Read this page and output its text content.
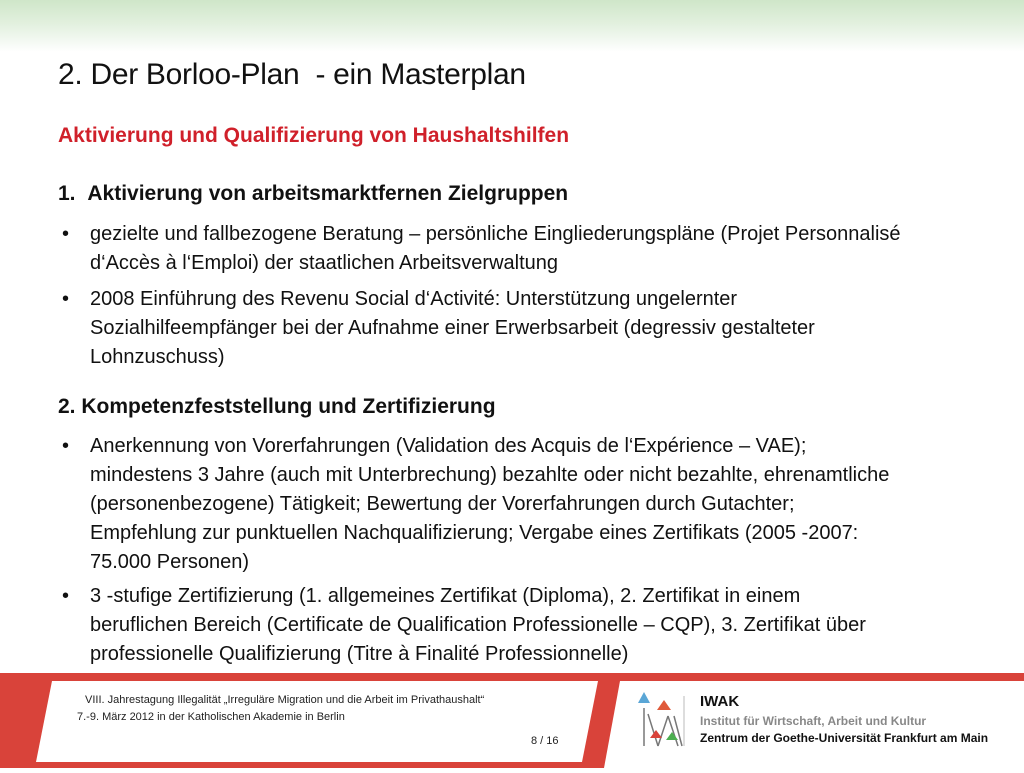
2. Der Borloo-Plan  - ein Masterplan
Aktivierung und Qualifizierung von Haushaltshilfen
1. Aktivierung von arbeitsmarktfernen Zielgruppen
• gezielte und fallbezogene Beratung – persönliche Eingliederungspläne (Projet Personnalisé
d‘Accès à l‘Emploi) der staatlichen Arbeitsverwaltung
• 2008 Einführung des Revenu Social d‘Activité: Unterstützung ungelernter
Sozialhilfeempfänger bei der Aufnahme einer Erwerbsarbeit (degressiv gestalteter
Lohnzuschuss)
2. Kompetenzfeststellung und Zertifizierung
• Anerkennung von Vorerfahrungen (Validation des Acquis de l‘Expérience – VAE);
mindestens 3 Jahre (auch mit Unterbrechung) bezahlte oder nicht bezahlte, ehrenamtliche
(personenbezogene) Tätigkeit; Bewertung der Vorerfahrungen durch Gutachter;
Empfehlung zur punktuellen Nachqualifizierung; Vergabe eines Zertifikats (2005 -2007:
75.000 Personen)
• 3 -stufige Zertifizierung (1. allgemeines Zertifikat (Diploma), 2. Zertifikat in einem
beruflichen Bereich (Certificate de Qualification Professionelle – CQP), 3. Zertifikat über
professionelle Qualifizierung (Titre à Finalité Professionnelle)
VIII. Jahrestagung Illegalität „Irreguläre Migration und die Arbeit im Privathaushalt“
7.-9. März 2012 in der Katholischen Akademie in Berlin
8 / 16
IWAK
Institut für Wirtschaft, Arbeit und Kultur
Zentrum der Goethe-Universität Frankfurt am Main
